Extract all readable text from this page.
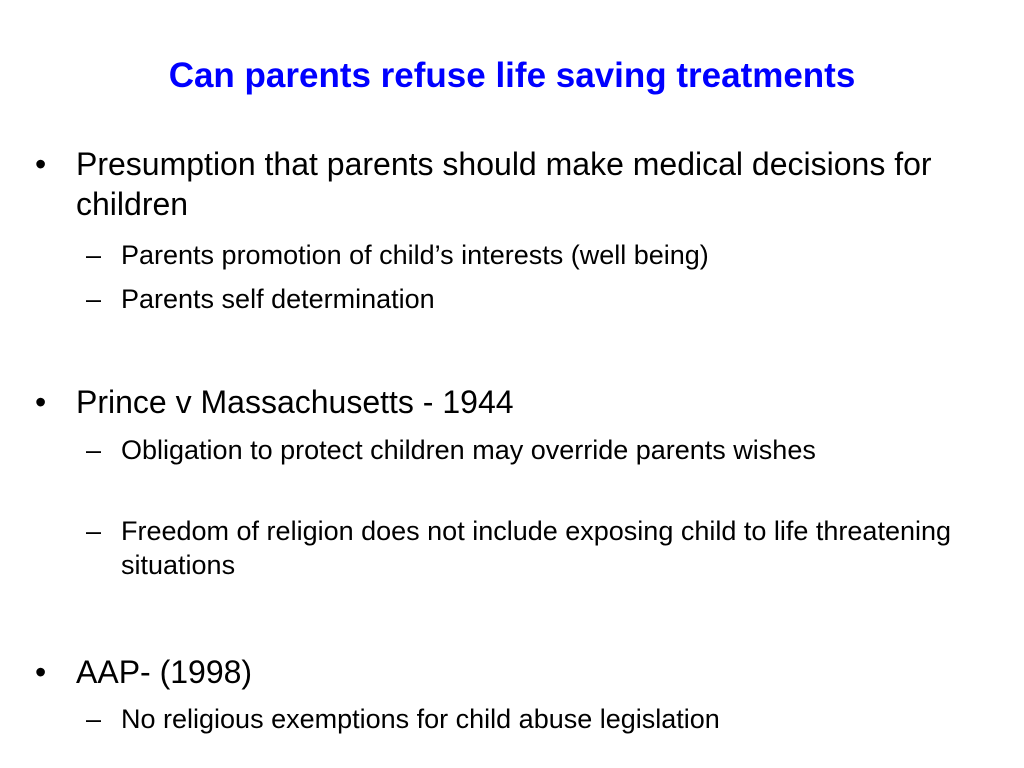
Can parents refuse life saving treatments
• Presumption that parents should make medical decisions for children
– Parents promotion of child’s interests (well being)
– Parents self determination
• Prince v Massachusetts - 1944
– Obligation to protect children may override parents wishes
– Freedom of religion does not include exposing child to life threatening situations
• AAP- (1998)
– No religious exemptions for child abuse legislation
